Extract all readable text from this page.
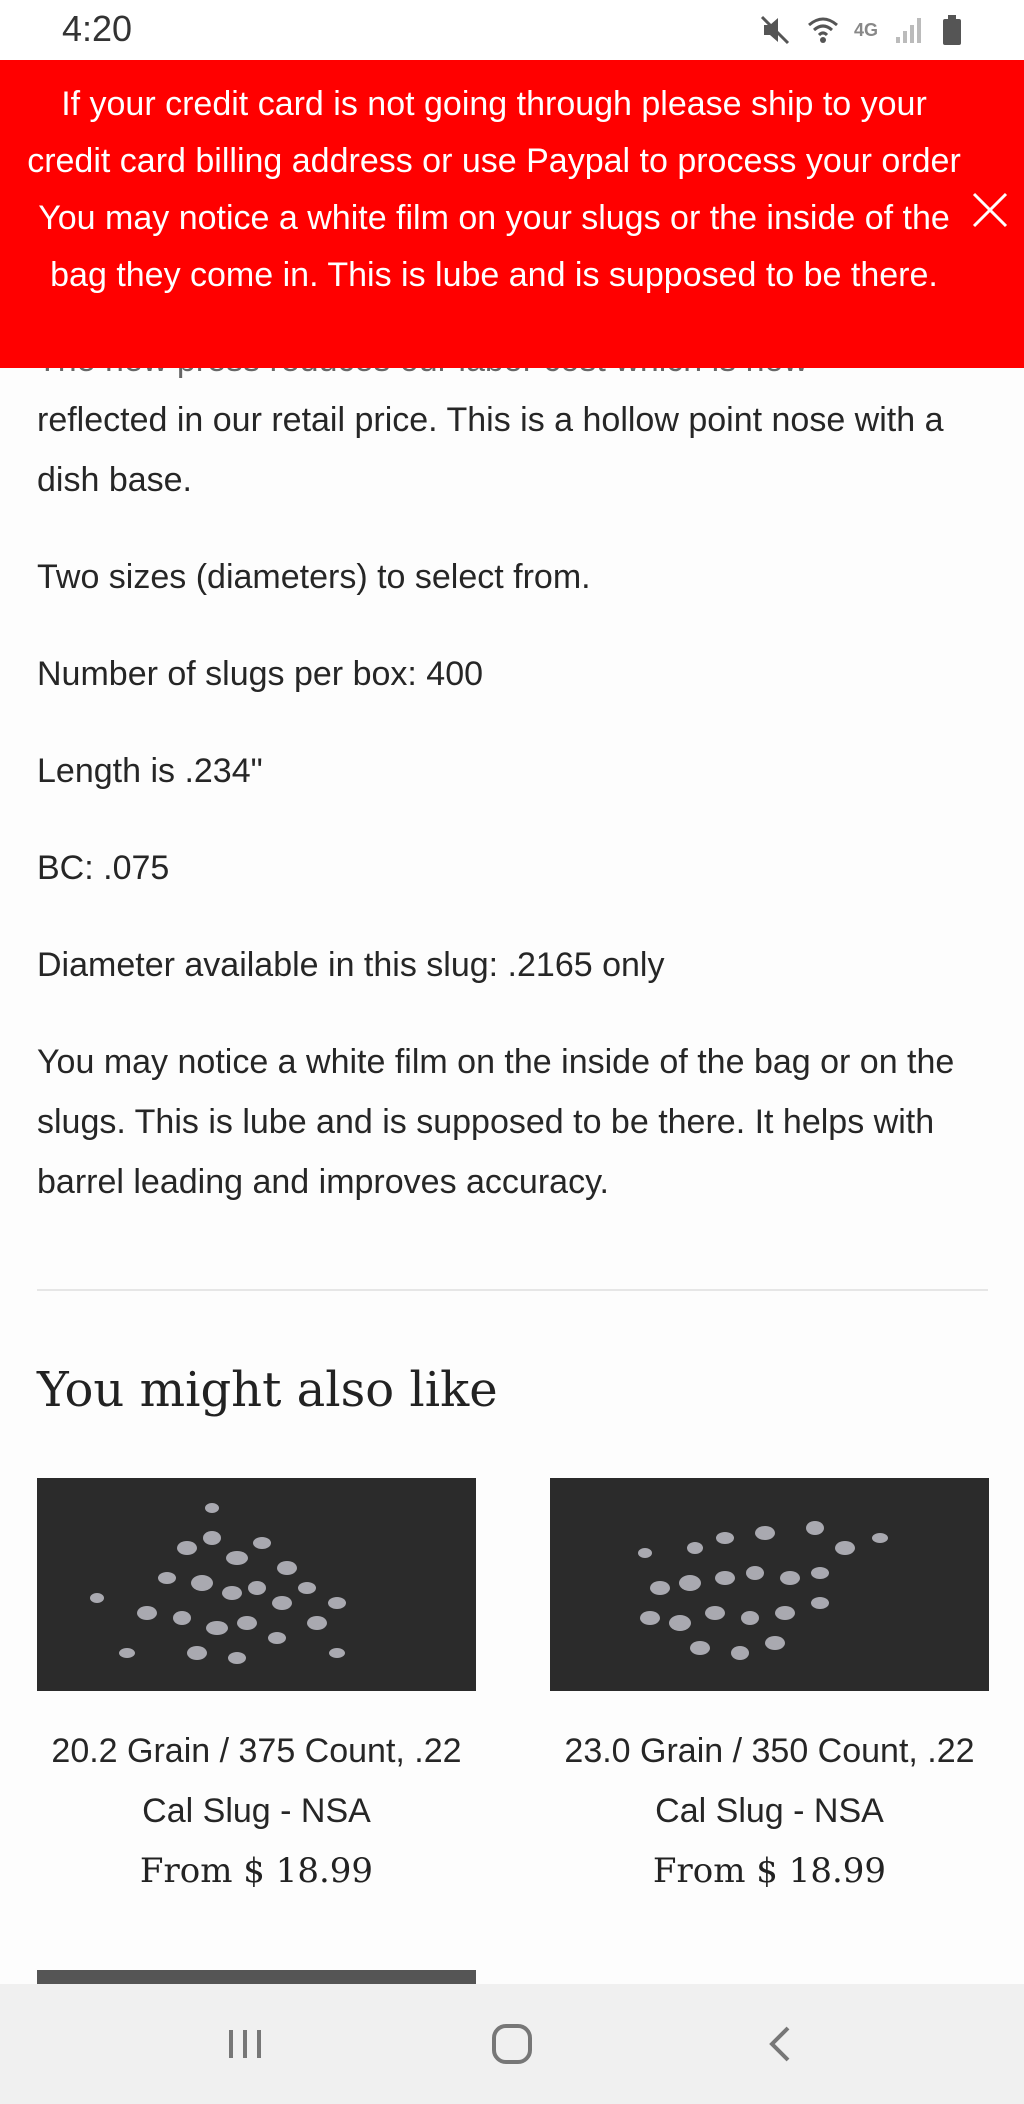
4:20	4G

reflected in our retail price. This is a hollow point nose with a dish base.

Two sizes (diameters) to select from.

Number of slugs per box: 400

Length is .234"

BC: .075

Diameter available in this slug: .2165 only

You may notice a white film on the inside of the bag or on the slugs. This is lube and is supposed to be there. It helps with barrel leading and improves accuracy.

If your credit card is not going through please ship to your credit card billing address or use Paypal to process your order

You may notice a white film on your slugs or the inside of the bag they come in. This is lube and is supposed to be there.

You might also like
20.2 Grain / 375 Count, .22 Cal Slug - NSA
From $ 18.99
23.0 Grain / 350 Count, .22 Cal Slug - NSA
From $ 18.99
